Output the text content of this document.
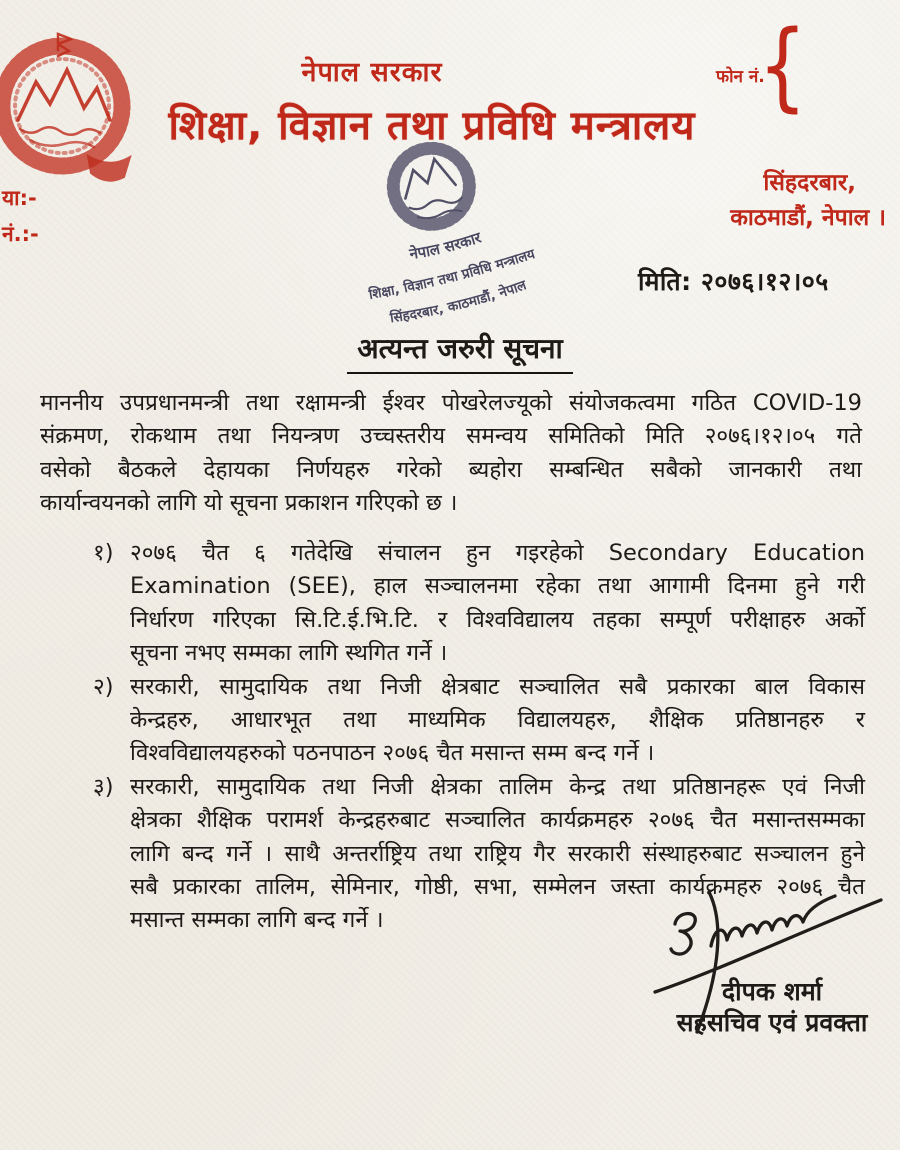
नेपाल सरकार
शिक्षा, विज्ञान तथा प्रविधि मन्त्रालय
फोन नं.
{
या:-
नं.:-
नेपाल सरकार
शिक्षा, विज्ञान तथा प्रविधि मन्त्रालय
सिंहदरबार, काठमाडौं, नेपाल
सिंहदरबार,
काठमाडौं, नेपाल ।
मिति: २०७६।१२।०५
अत्यन्त जरुरी सूचना
माननीय उपप्रधानमन्त्री तथा रक्षामन्त्री ईश्वर पोखरेलज्यूको संयोजकत्वमा गठित COVID-19
संक्रमण, रोकथाम तथा नियन्त्रण उच्चस्तरीय समन्वय समितिको मिति २०७६।१२।०५ गते
वसेको बैठकले देहायका निर्णयहरु गरेको ब्यहोरा सम्बन्धित सबैको जानकारी तथा
कार्यान्वयनको लागि यो सूचना प्रकाशन गरिएको छ ।
१) २०७६ चैत ६ गतेदेखि संचालन हुन गइरहेको Secondary Education
Examination (SEE), हाल सञ्चालनमा रहेका तथा आगामी दिनमा हुने गरी
निर्धारण गरिएका सि.टि.ई.भि.टि. र विश्वविद्यालय तहका सम्पूर्ण परीक्षाहरु अर्को
सूचना नभए सम्मका लागि स्थगित गर्ने ।
२) सरकारी, सामुदायिक तथा निजी क्षेत्रबाट सञ्चालित सबै प्रकारका बाल विकास
केन्द्रहरु, आधारभूत तथा माध्यमिक विद्यालयहरु, शैक्षिक प्रतिष्ठानहरु र
विश्वविद्यालयहरुको पठनपाठन २०७६ चैत मसान्त सम्म बन्द गर्ने ।
३) सरकारी, सामुदायिक तथा निजी क्षेत्रका तालिम केन्द्र तथा प्रतिष्ठानहरू एवं निजी
क्षेत्रका शैक्षिक परामर्श केन्द्रहरुबाट सञ्चालित कार्यक्रमहरु २०७६ चैत मसान्तसम्मका
लागि बन्द गर्ने । साथै अन्तर्राष्ट्रिय तथा राष्ट्रिय गैर सरकारी संस्थाहरुबाट सञ्चालन हुने
सबै प्रकारका तालिम, सेमिनार, गोष्ठी, सभा, सम्मेलन जस्ता कार्यक्रमहरु २०७६ चैत
मसान्त सम्मका लागि बन्द गर्ने ।
दीपक शर्मा
सहसचिव एवं प्रवक्ता
